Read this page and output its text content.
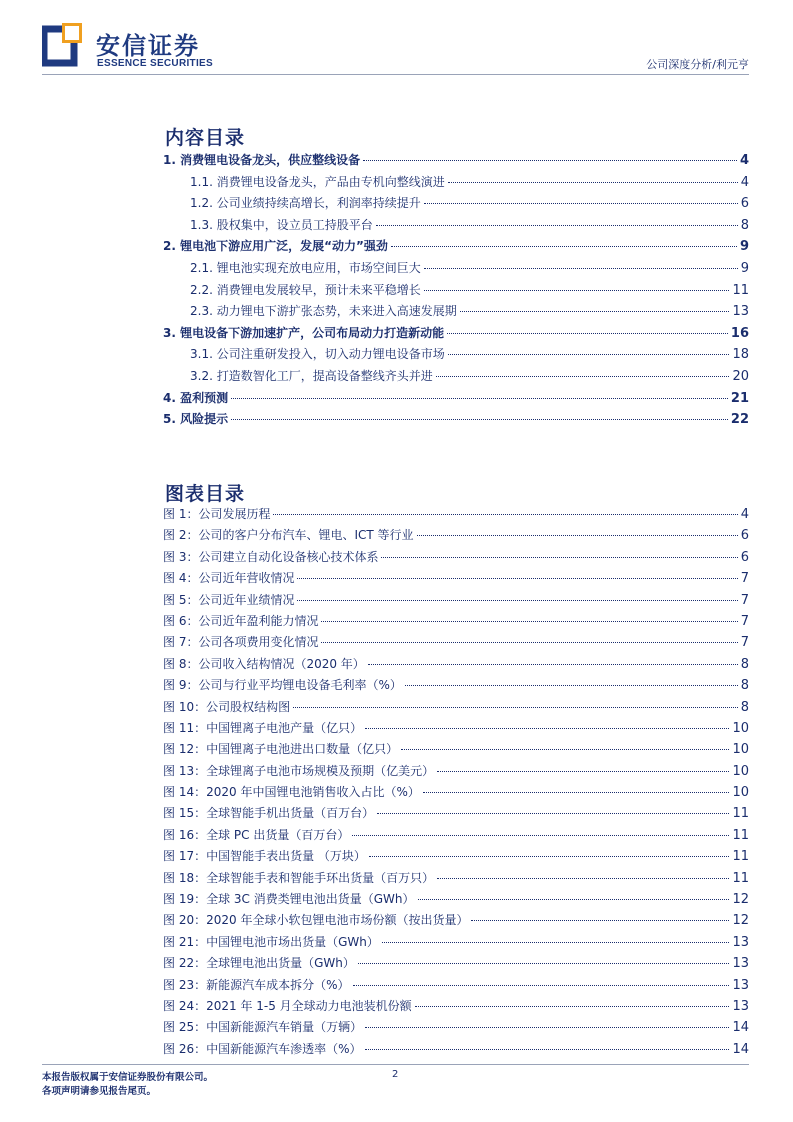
安信证券
ESSENCE SECURITIES	公司深度分析/利元亨
内容目录
1. 消费锂电设备龙头，供应整线设备	4
1.1. 消费锂电设备龙头，产品由专机向整线演进	4
1.2. 公司业绩持续高增长，利润率持续提升	6
1.3. 股权集中，设立员工持股平台	8
2. 锂电池下游应用广泛，发展“动力”强劲	9
2.1. 锂电池实现充放电应用，市场空间巨大	9
2.2. 消费锂电发展较早，预计未来平稳增长	11
2.3. 动力锂电下游扩张态势，未来进入高速发展期	13
3. 锂电设备下游加速扩产，公司布局动力打造新动能	16
3.1. 公司注重研发投入，切入动力锂电设备市场	18
3.2. 打造数智化工厂，提高设备整线齐头并进	20
4. 盈利预测	21
5. 风险提示	22
图表目录
图 1：公司发展历程	4
图 2：公司的客户分布汽车、锂电、ICT 等行业	6
图 3：公司建立自动化设备核心技术体系	6
图 4：公司近年营收情况	7
图 5：公司近年业绩情况	7
图 6：公司近年盈利能力情况	7
图 7：公司各项费用变化情况	7
图 8：公司收入结构情况（2020 年）	8
图 9：公司与行业平均锂电设备毛利率（%）	8
图 10：公司股权结构图	8
图 11：中国锂离子电池产量（亿只）	10
图 12：中国锂离子电池进出口数量（亿只）	10
图 13：全球锂离子电池市场规模及预期（亿美元）	10
图 14：2020 年中国锂电池销售收入占比（%）	10
图 15：全球智能手机出货量（百万台）	11
图 16：全球 PC 出货量（百万台）	11
图 17：中国智能手表出货量 （万块）	11
图 18：全球智能手表和智能手环出货量（百万只）	11
图 19：全球 3C 消费类锂电池出货量（GWh）	12
图 20：2020 年全球小软包锂电池市场份额（按出货量）	12
图 21：中国锂电池市场出货量（GWh）	13
图 22：全球锂电池出货量（GWh）	13
图 23：新能源汽车成本拆分（%）	13
图 24：2021 年 1-5 月全球动力电池装机份额	13
图 25：中国新能源汽车销量（万辆）	14
图 26：中国新能源汽车渗透率（%）	14
本报告版权属于安信证券股份有限公司。
各项声明请参见报告尾页。
2
